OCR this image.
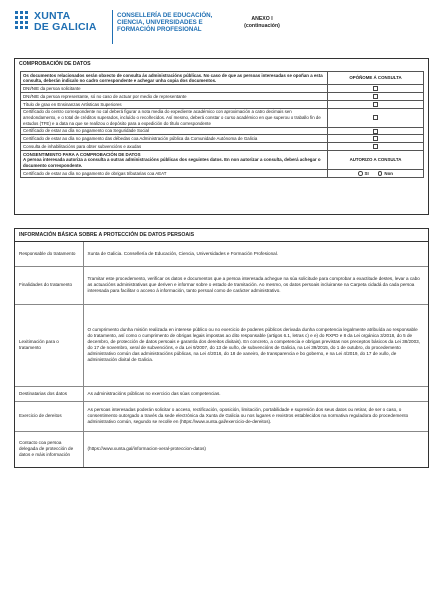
XUNTA
DE GALICIA
CONSELLERÍA DE EDUCACIÓN,
CIENCIA, UNIVERSIDADES E
FORMACIÓN PROFESIONAL
ANEXO I
(continuación)
COMPROBACIÓN DE DATOS
Os documentos relacionados serán obxecto de consulta ás administracións públicas. No caso de que as persoas interesadas se opoñan a esta consulta, deberán indicalo no cadro correspondente e achegar unha copia dos documentos.	OPÓÑOME Á CONSULTA
DNI/NIE da persoa solicitante	
DNI/NIE da persoa representante, só no caso de actuar por medio de representante	
Título de grao en Ensinanzas Artísticas Superiores	
Certificado do centro correspondente no cal deberá figurar a nota media do expediente académico con aproximación a catro decimais sen arredondamento, e o total de créditos superados, incluído o recoñecidos. Así mesmo, deberá constar o curso académico en que superou o traballo fin de estudos (TFE) e a data na que se realizou o depósito para a expedición do título correspondente	
Certificado de estar ao día no pagamento coa Seguridade Social	
Certificado de estar ao día no pagamento das débedas coa Administración pública da Comunidade Autónoma de Galicia	
Consulta de inhabilitacións para obter subvencións e axudas	

CONSENTIMENTO PARA A COMPROBACIÓN DE DATOS
A persoa interesada autoriza a consulta a outras administracións públicas dos seguintes datos. En non autorizar a consulta, deberá achegar o documento correspondente.	AUTORIZO A CONSULTA
Certificado de estar ao día no pagamento de obrigas tributarias coa AEAT	SI Non
INFORMACIÓN BÁSICA SOBRE A PROTECCIÓN DE DATOS PERSOAIS
Responsable do tratamento	Xunta de Galicia. Consellería de Educación, Ciencia, Universidades e Formación Profesional.
Finalidades do tratamento	Tramitar este procedemento, verificar os datos e documentos que a persoa interesada achegue na súa solicitude para comprobar a exactitude destes, levar a cabo as actuacións administrativas que deriven e informar sobre o estado de tramitación. Ao mesmo, os datos persoais incluiranse na Carpeta cidadá da cada persoa interesada para facilitar o acceso á información, tanto persoal como de carácter administrativo.
Lexitimación para o tratamento	O cumprimento dunha misión realizada en interese público ou no exercicio de poderes públicos derivada dunha competencia legalmente atribuída ao responsable do tratamento, así como o cumprimento de obrigas legais impostas ao dito responsable (artigos 6.1, letras c) e e) do RXPD e 8 da Lei orgánica 3/2018, do 5 de decembro, de protección de datos persoais e garantía dos dereitos dixitais). En concreto, a competencia e obrigas previstas nos preceptos básicos da Lei 38/2003, do 17 de novembro, xeral de subvencións, e da Lei 9/2007, do 13 de xuño, de subvencións de Galicia, na Lei 39/2015, do 1 de outubro, do procedemento administrativo común das administracións públicas, na Lei 4/2016, do 18 de xaneiro, de transparencia e bo goberno, e na Lei 4/2019, do 17 de xullo, de administración dixital de Galicia.
Destinatarias dos datos	As administracións públicas no exercicio das súas competencias.
Exercicio de dereitos	As persoas interesadas poderán solicitar o acceso, rectificación, oposición, limitación, portabilidade e supresión dos seus datos ou retirar, de ser o caso, o consentimento outorgado a través da sede electrónica da Xunta de Galicia ou nos lugares e rexistros establecidos na normativa reguladora do procedemento administrativo común, segundo se recolle en (https://www.xunta.gal/exercicio-de-dereitos).
Contacto coa persoa delegada de protección de datos e máis información	(https://www.xunta.gal/informacion-xeral-proteccion-datos)
